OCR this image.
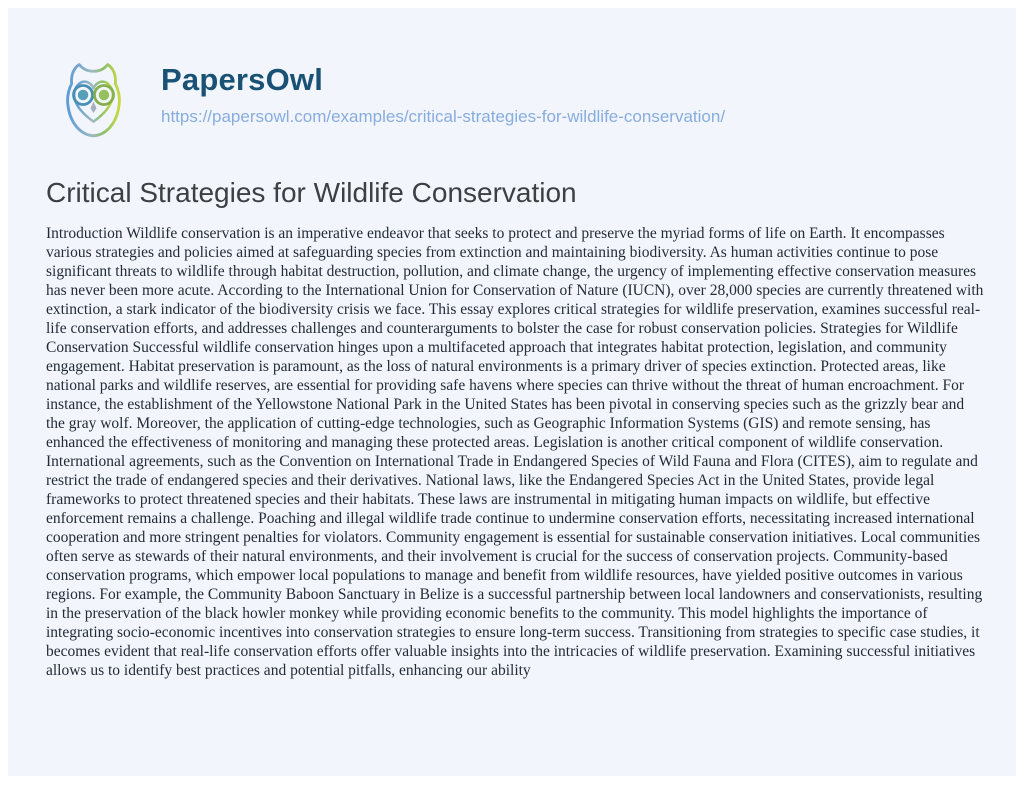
PapersOwl
https://papersowl.com/examples/critical-strategies-for-wildlife-conservation/
Critical Strategies for Wildlife Conservation

Introduction Wildlife conservation is an imperative endeavor that seeks to protect and preserve the myriad forms of life on Earth. It encompasses various strategies and policies aimed at safeguarding species from extinction and maintaining biodiversity. As human activities continue to pose significant threats to wildlife through habitat destruction, pollution, and climate change, the urgency of implementing effective conservation measures has never been more acute. According to the International Union for Conservation of Nature (IUCN), over 28,000 species are currently threatened with extinction, a stark indicator of the biodiversity crisis we face. This essay explores critical strategies for wildlife preservation, examines successful real-life conservation efforts, and addresses challenges and counterarguments to bolster the case for robust conservation policies. Strategies for Wildlife Conservation Successful wildlife conservation hinges upon a multifaceted approach that integrates habitat protection, legislation, and community engagement. Habitat preservation is paramount, as the loss of natural environments is a primary driver of species extinction. Protected areas, like national parks and wildlife reserves, are essential for providing safe havens where species can thrive without the threat of human encroachment. For instance, the establishment of the Yellowstone National Park in the United States has been pivotal in conserving species such as the grizzly bear and the gray wolf. Moreover, the application of cutting-edge technologies, such as Geographic Information Systems (GIS) and remote sensing, has enhanced the effectiveness of monitoring and managing these protected areas. Legislation is another critical component of wildlife conservation. International agreements, such as the Convention on International Trade in Endangered Species of Wild Fauna and Flora (CITES), aim to regulate and restrict the trade of endangered species and their derivatives. National laws, like the Endangered Species Act in the United States, provide legal frameworks to protect threatened species and their habitats. These laws are instrumental in mitigating human impacts on wildlife, but effective enforcement remains a challenge. Poaching and illegal wildlife trade continue to undermine conservation efforts, necessitating increased international cooperation and more stringent penalties for violators. Community engagement is essential for sustainable conservation initiatives. Local communities often serve as stewards of their natural environments, and their involvement is crucial for the success of conservation projects. Community-based conservation programs, which empower local populations to manage and benefit from wildlife resources, have yielded positive outcomes in various regions. For example, the Community Baboon Sanctuary in Belize is a successful partnership between local landowners and conservationists, resulting in the preservation of the black howler monkey while providing economic benefits to the community. This model highlights the importance of integrating socio-economic incentives into conservation strategies to ensure long-term success. Transitioning from strategies to specific case studies, it becomes evident that real-life conservation efforts offer valuable insights into the intricacies of wildlife preservation. Examining successful initiatives allows us to identify best practices and potential pitfalls, enhancing our ability
